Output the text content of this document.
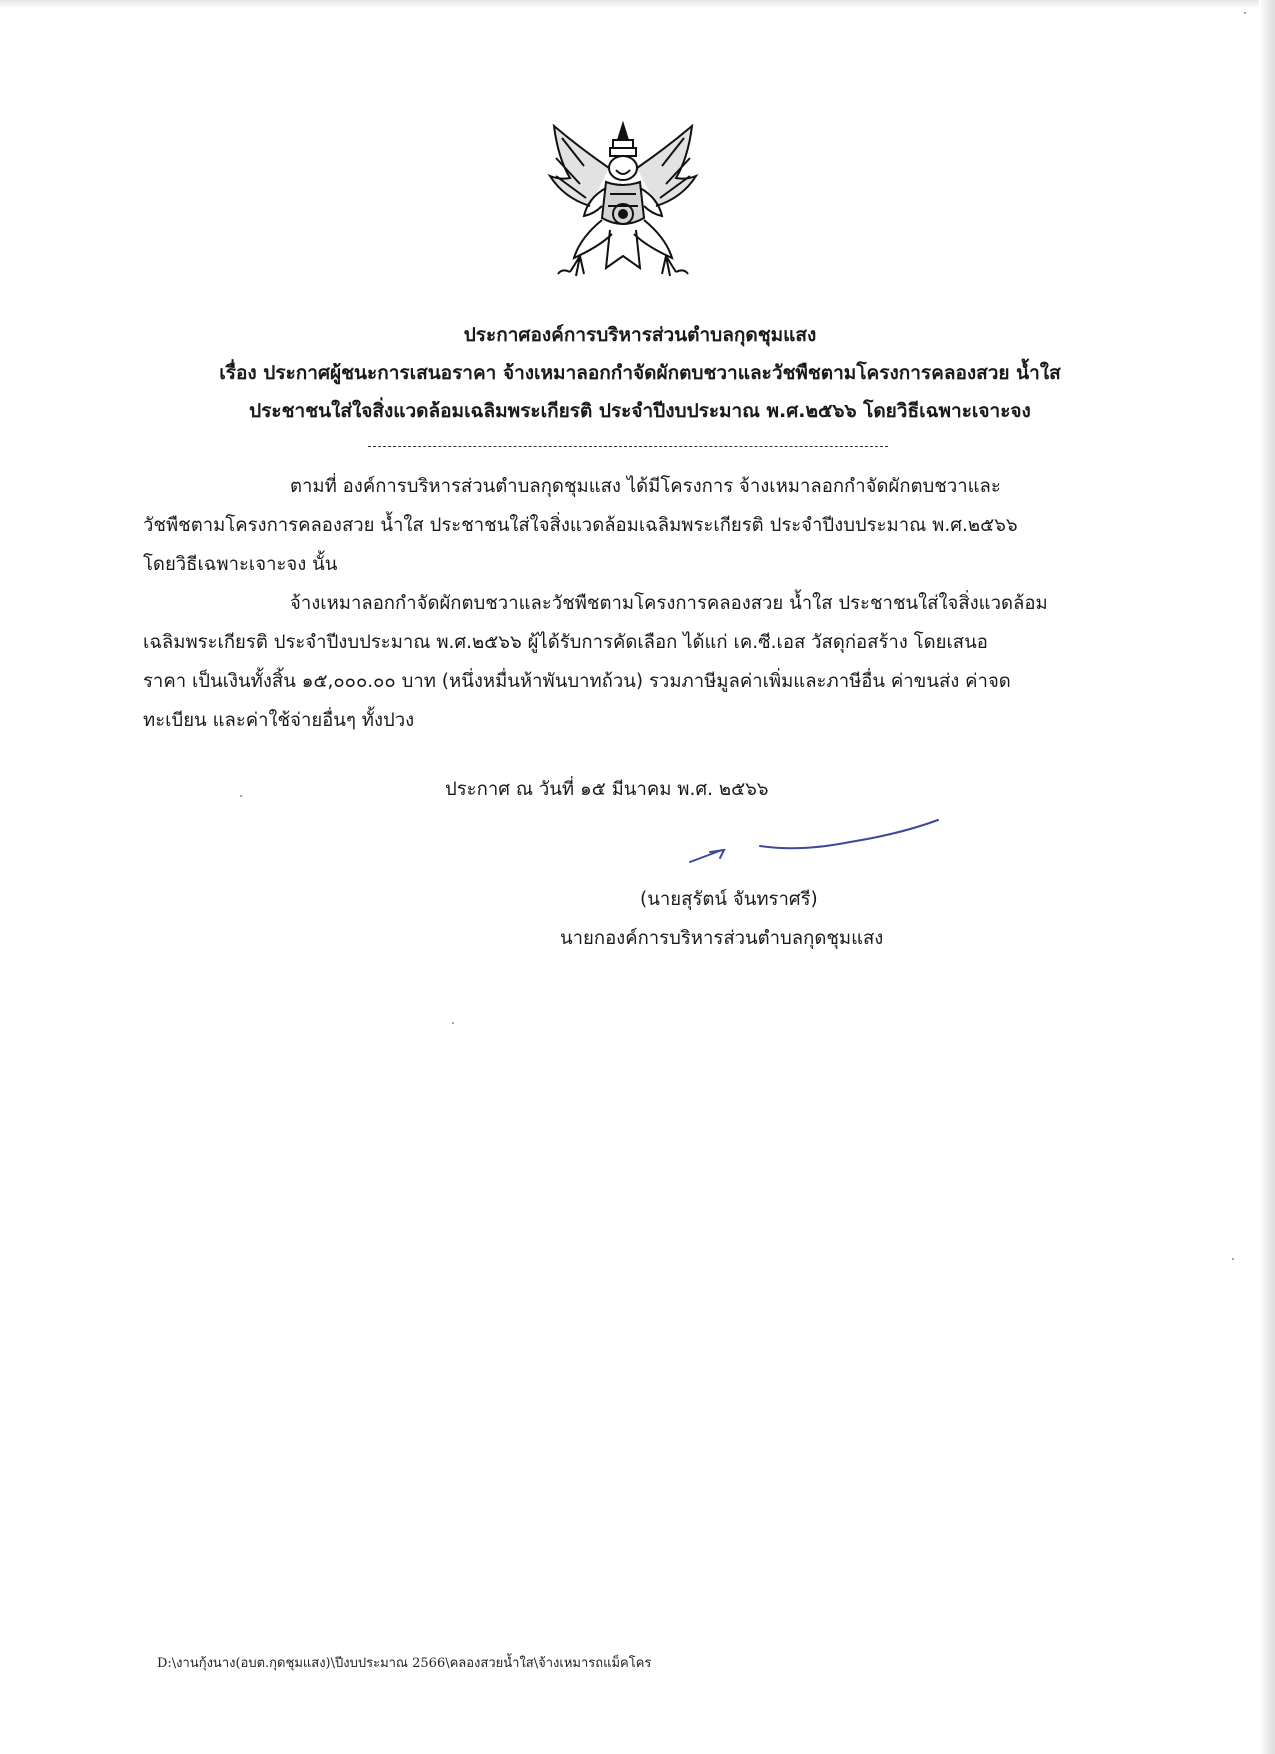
ประกาศองค์การบริหารส่วนตำบลกุดชุมแสง
เรื่อง ประกาศผู้ชนะการเสนอราคา จ้างเหมาลอกกำจัดผักตบชวาและวัชพืชตามโครงการคลองสวย น้ำใส
ประชาชนใส่ใจสิ่งแวดล้อมเฉลิมพระเกียรติ ประจำปีงบประมาณ พ.ศ.๒๕๖๖ โดยวิธีเฉพาะเจาะจง
ตามที่ องค์การบริหารส่วนตำบลกุดชุมแสง ได้มีโครงการ จ้างเหมาลอกกำจัดผักตบชวาและ
วัชพืชตามโครงการคลองสวย น้ำใส ประชาชนใส่ใจสิ่งแวดล้อมเฉลิมพระเกียรติ ประจำปีงบประมาณ พ.ศ.๒๕๖๖
โดยวิธีเฉพาะเจาะจง นั้น
จ้างเหมาลอกกำจัดผักตบชวาและวัชพืชตามโครงการคลองสวย น้ำใส ประชาชนใส่ใจสิ่งแวดล้อม
เฉลิมพระเกียรติ ประจำปีงบประมาณ พ.ศ.๒๕๖๖ ผู้ได้รับการคัดเลือก ได้แก่ เค.ซี.เอส วัสดุก่อสร้าง โดยเสนอ
ราคา เป็นเงินทั้งสิ้น ๑๕,๐๐๐.๐๐ บาท (หนึ่งหมื่นห้าพันบาทถ้วน) รวมภาษีมูลค่าเพิ่มและภาษีอื่น ค่าขนส่ง ค่าจด
ทะเบียน และค่าใช้จ่ายอื่นๆ ทั้งปวง
ประกาศ ณ วันที่ ๑๕ มีนาคม พ.ศ. ๒๕๖๖
(นายสุรัตน์ จันทราศรี)
นายกองค์การบริหารส่วนตำบลกุดชุมแสง
D:\งานกุ้งนาง(อบต.กุดชุมแสง)\ปีงบประมาณ 2566\คลองสวยน้ำใส\จ้างเหมารถแม็คโคร
